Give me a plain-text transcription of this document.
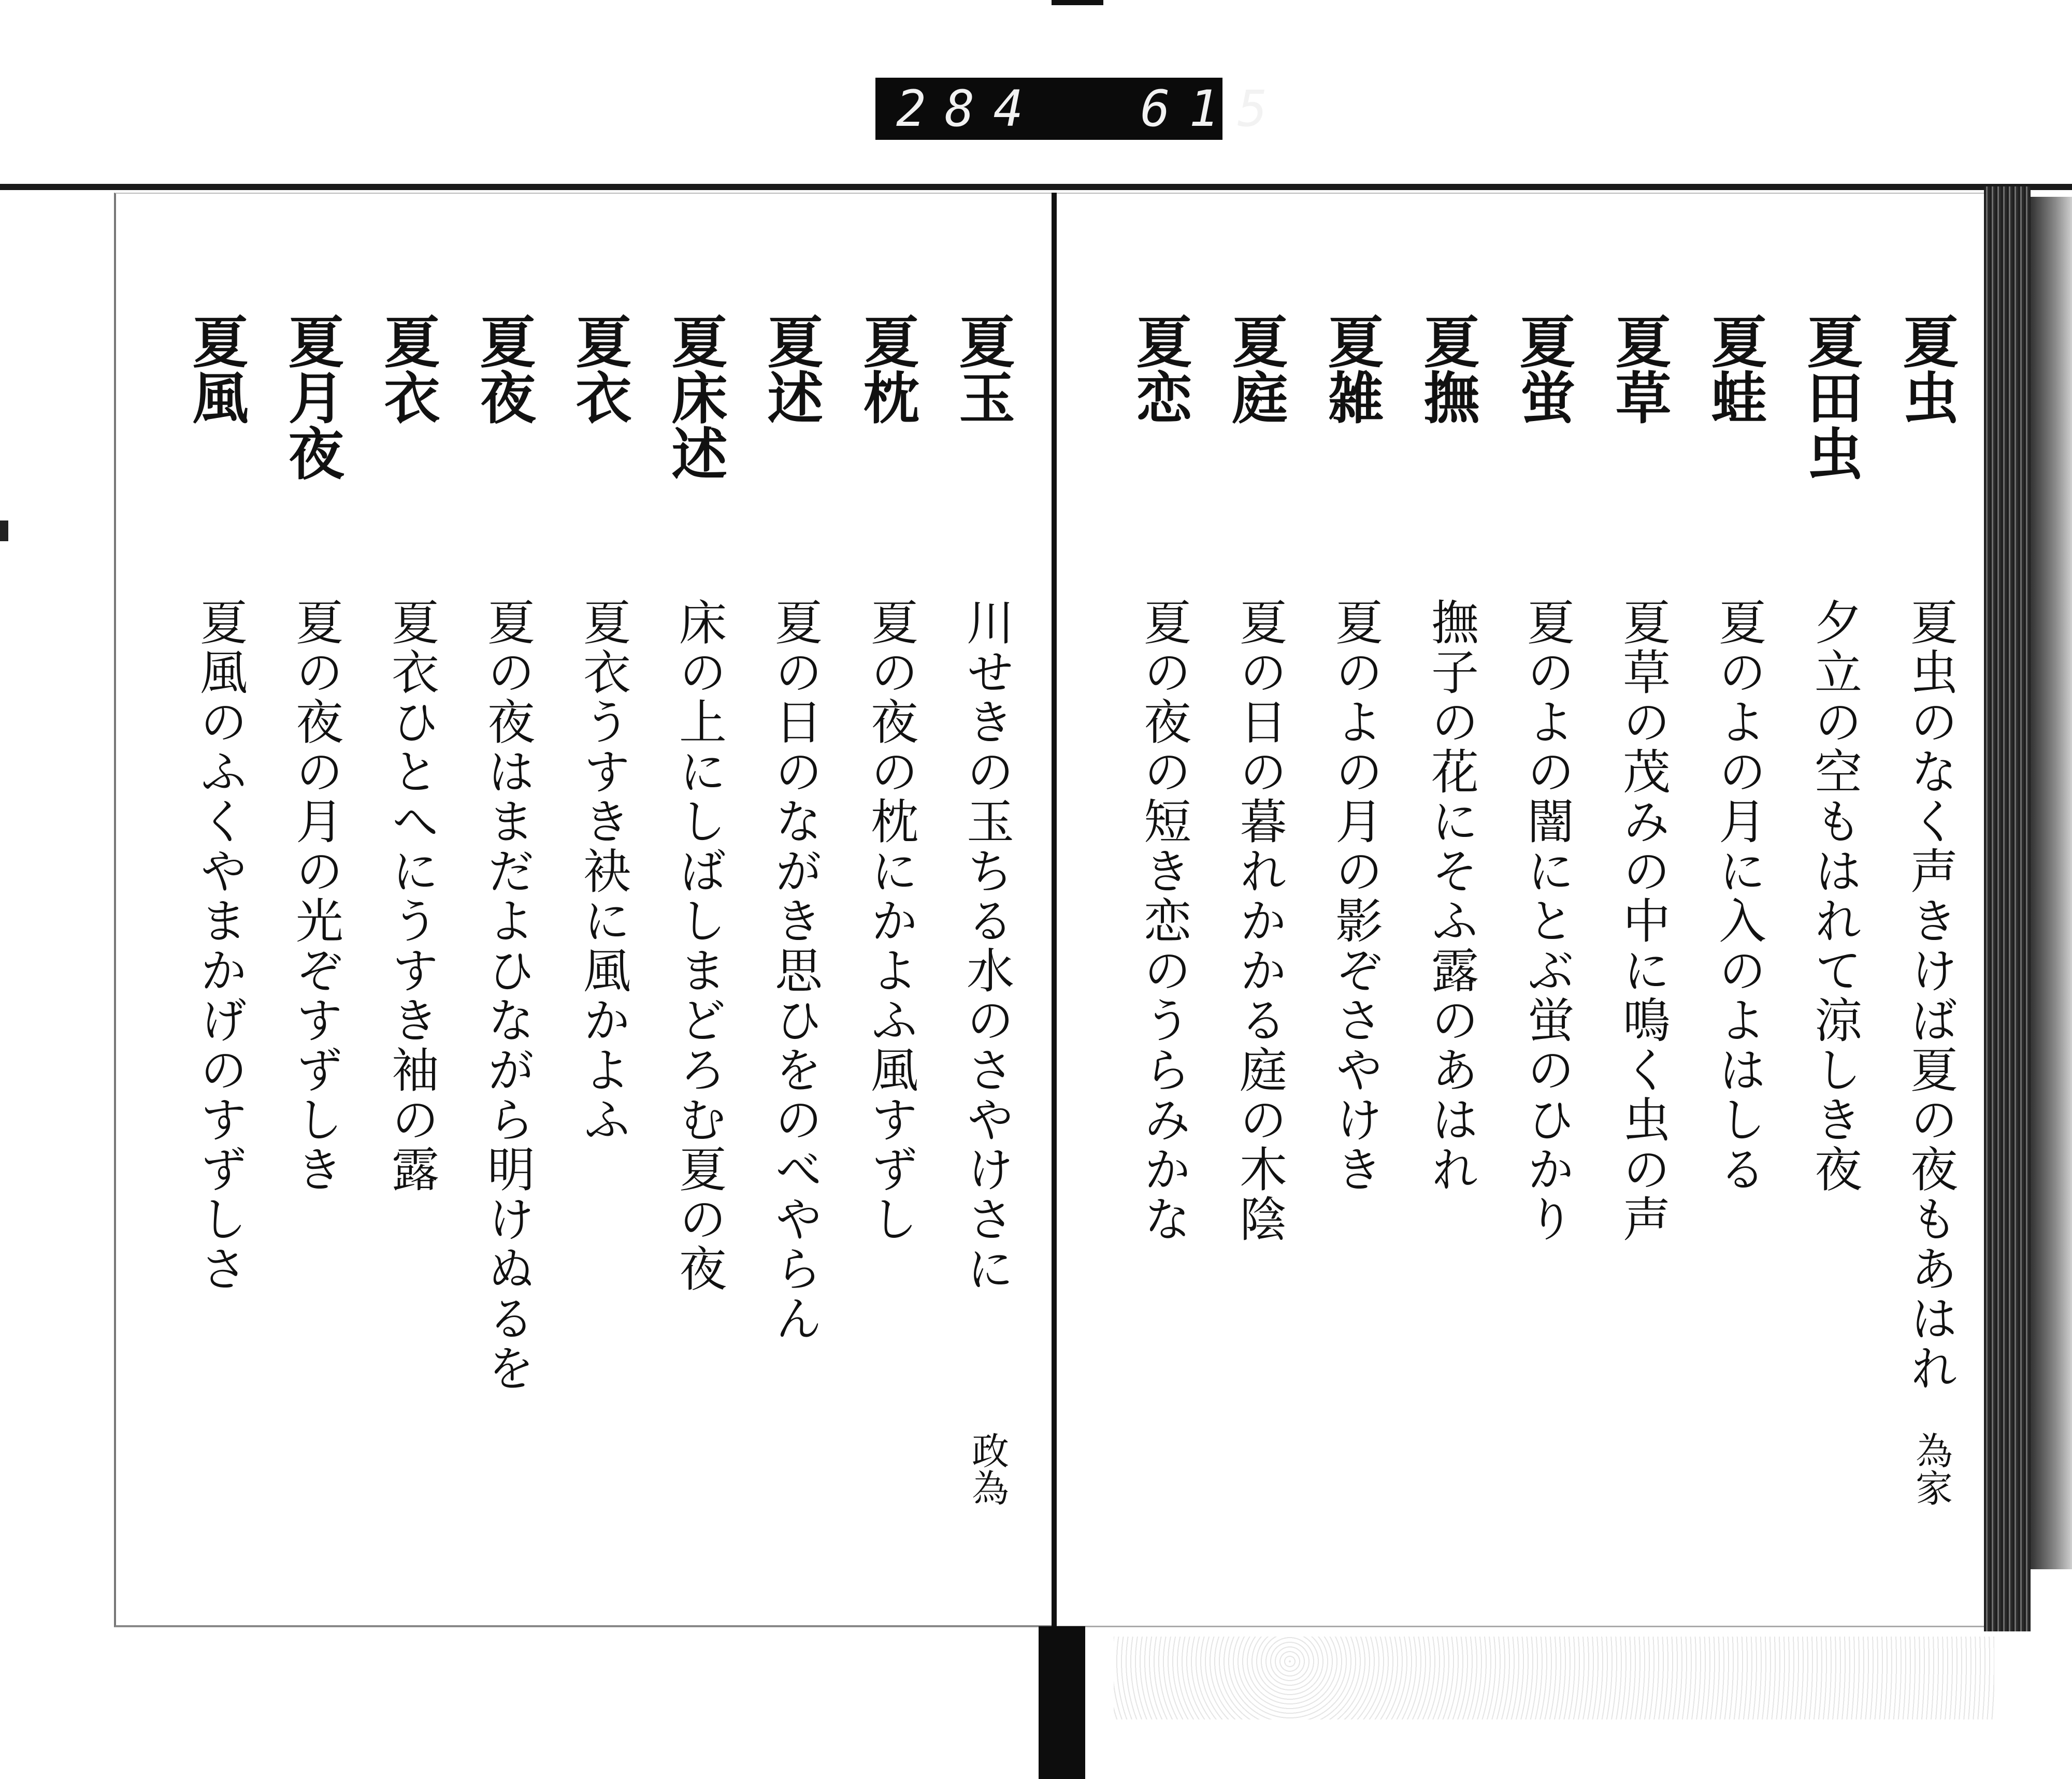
284 615
夏玉
川せきの玉ちる水のさやけさに
政為
夏枕
夏の夜の枕にかよふ風すずし
夏述
夏の日のながき思ひをのべやらん
夏床述
床の上にしばしまどろむ夏の夜
夏衣
夏衣うすき袂に風かよふ
夏夜
夏の夜はまだよひながら明けぬるを
夏衣
夏衣ひとへにうすき袖の露
夏月夜
夏の夜の月の光ぞすずしき
夏風
夏風のふくやまかげのすずしさ
夏虫
夏虫のなく声きけば夏の夜もあはれ
為家
夏田虫
夕立の空もはれて涼しき夜
夏蛙
夏のよの月に入のよはしる
夏草
夏草の茂みの中に鳴く虫の声
夏蛍
夏のよの闇にとぶ蛍のひかり
夏撫
撫子の花にそふ露のあはれ
夏雑
夏のよの月の影ぞさやけき
夏庭
夏の日の暮れかかる庭の木陰
夏恋
夏の夜の短き恋のうらみかな
